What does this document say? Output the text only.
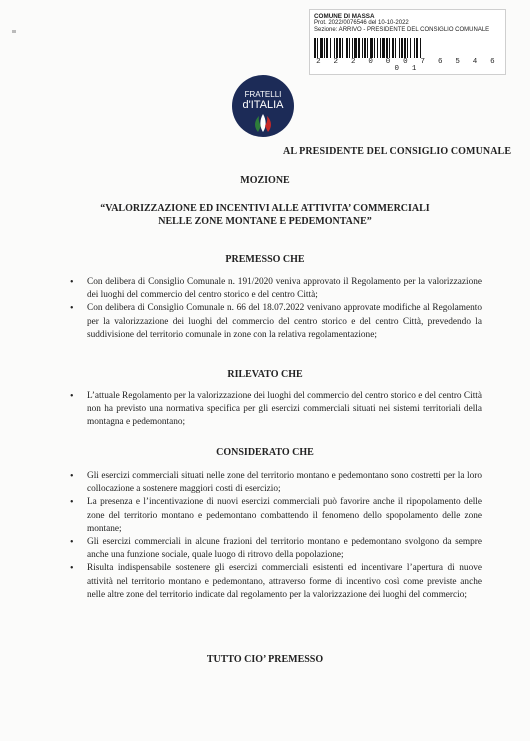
COMUNE DI MASSA
Prot. 2022/0076546 del 10-10-2022
Sezione: ARRIVO - PRESIDENTE DEL CONSIGLIO COMUNALE
2 2 2 0 0 0 7 6 5 4 6 0 1
FRATELLI
d'ITALIA
AL PRESIDENTE DEL CONSIGLIO COMUNALE
MOZIONE
“VALORIZZAZIONE ED INCENTIVI ALLE ATTIVITA’ COMMERCIALI
NELLE ZONE MONTANE E PEDEMONTANE”
PREMESSO CHE

• Con delibera di Consiglio Comunale n. 191/2020 veniva approvato il Regolamento per la valorizzazione dei luoghi del commercio del centro storico e del centro Città;

• Con delibera di Consiglio Comunale n. 66 del 18.07.2022 venivano approvate modifiche al Regolamento per la valorizzazione dei luoghi del commercio del centro storico e del centro Città, prevedendo la suddivisione del territorio comunale in zone con la relativa regolamentazione;

RILEVATO CHE

• L’attuale Regolamento per la valorizzazione dei luoghi del commercio del centro storico e del centro Città non ha previsto una normativa specifica per gli esercizi commerciali situati nei sistemi territoriali della montagna e pedemontano;

CONSIDERATO CHE

• Gli esercizi commerciali situati nelle zone del territorio montano e pedemontano sono costretti per la loro collocazione a sostenere maggiori costi di esercizio;

• La presenza e l’incentivazione di nuovi esercizi commerciali può favorire anche il ripopolamento delle zone del territorio montano e pedemontano combattendo il fenomeno dello spopolamento delle zone montane;

• Gli esercizi commerciali in alcune frazioni del territorio montano e pedemontano svolgono da sempre anche una funzione sociale, quale luogo di ritrovo della popolazione;

• Risulta indispensabile sostenere gli esercizi commerciali esistenti ed incentivare l’apertura di nuove attività nel territorio montano e pedemontano, attraverso forme di incentivo così come previste anche nelle altre zone del territorio indicate dal regolamento per la valorizzazione dei luoghi del commercio;

TUTTO CIO’ PREMESSO
